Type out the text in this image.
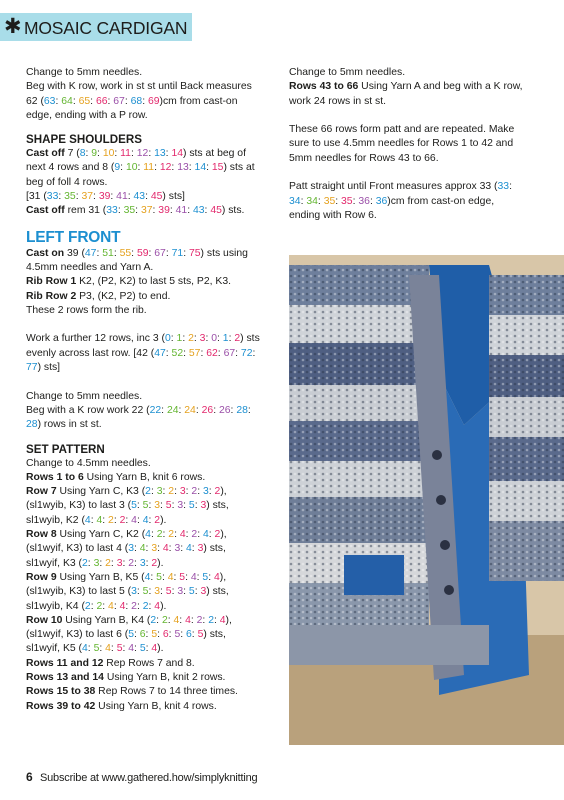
✱ MOSAIC CARDIGAN

Change to 5mm needles.

Beg with K row, work in st st until Back measures

62 (63: 64: 65: 66: 67: 68: 69)cm from cast-on

edge, ending with a P row.

SHAPE SHOULDERS

Cast off 7 (8: 9: 10: 11: 12: 13: 14) sts at beg of

next 4 rows and 8 (9: 10: 11: 12: 13: 14: 15) sts at

beg of foll 4 rows.

[31 (33: 35: 37: 39: 41: 43: 45) sts]

Cast off rem 31 (33: 35: 37: 39: 41: 43: 45) sts.

LEFT FRONT

Cast on 39 (47: 51: 55: 59: 67: 71: 75) sts using

4.5mm needles and Yarn A.

Rib Row 1 K2, (P2, K2) to last 5 sts, P2, K3.

Rib Row 2 P3, (K2, P2) to end.

These 2 rows form the rib.

Work a further 12 rows, inc 3 (0: 1: 2: 3: 0: 1: 2) sts

evenly across last row. [42 (47: 52: 57: 62: 67: 72:

77) sts]

Change to 5mm needles.

Beg with a K row work 22 (22: 24: 24: 26: 26: 28:

28) rows in st st.

SET PATTERN

Change to 4.5mm needles.

Rows 1 to 6 Using Yarn B, knit 6 rows.

Row 7 Using Yarn C, K3 (2: 3: 2: 3: 2: 3: 2),

(sl1wyib, K3) to last 3 (5: 5: 3: 5: 3: 5: 3) sts,

sl1wyib, K2 (4: 4: 2: 2: 4: 4: 2).

Row 8 Using Yarn C, K2 (4: 2: 2: 4: 2: 4: 2),

(sl1wyif, K3) to last 4 (3: 4: 3: 4: 3: 4: 3) sts,

sl1wyif, K3 (2: 3: 2: 3: 2: 3: 2).

Row 9 Using Yarn B, K5 (4: 5: 4: 5: 4: 5: 4),

(sl1wyib, K3) to last 5 (3: 5: 3: 5: 3: 5: 3) sts,

sl1wyib, K4 (2: 2: 4: 4: 2: 2: 4).

Row 10 Using Yarn B, K4 (2: 2: 4: 4: 2: 2: 4),

(sl1wyif, K3) to last 6 (5: 6: 5: 6: 5: 6: 5) sts,

sl1wyif, K5 (4: 5: 4: 5: 4: 5: 4).

Rows 11 and 12 Rep Rows 7 and 8.

Rows 13 and 14 Using Yarn B, knit 2 rows.

Rows 15 to 38 Rep Rows 7 to 14 three times.

Rows 39 to 42 Using Yarn B, knit 4 rows.

Change to 5mm needles.

Rows 43 to 66 Using Yarn A and beg with a K row,

work 24 rows in st st.

These 66 rows form patt and are repeated. Make

sure to use 4.5mm needles for Rows 1 to 42 and

5mm needles for Rows 43 to 66.

Patt straight until Front measures approx 33 (33:

34: 34: 35: 35: 36: 36)cm from cast-on edge,

ending with Row 6.

6 Subscribe at www.gathered.how/simplyknitting
PassionForum.ru
